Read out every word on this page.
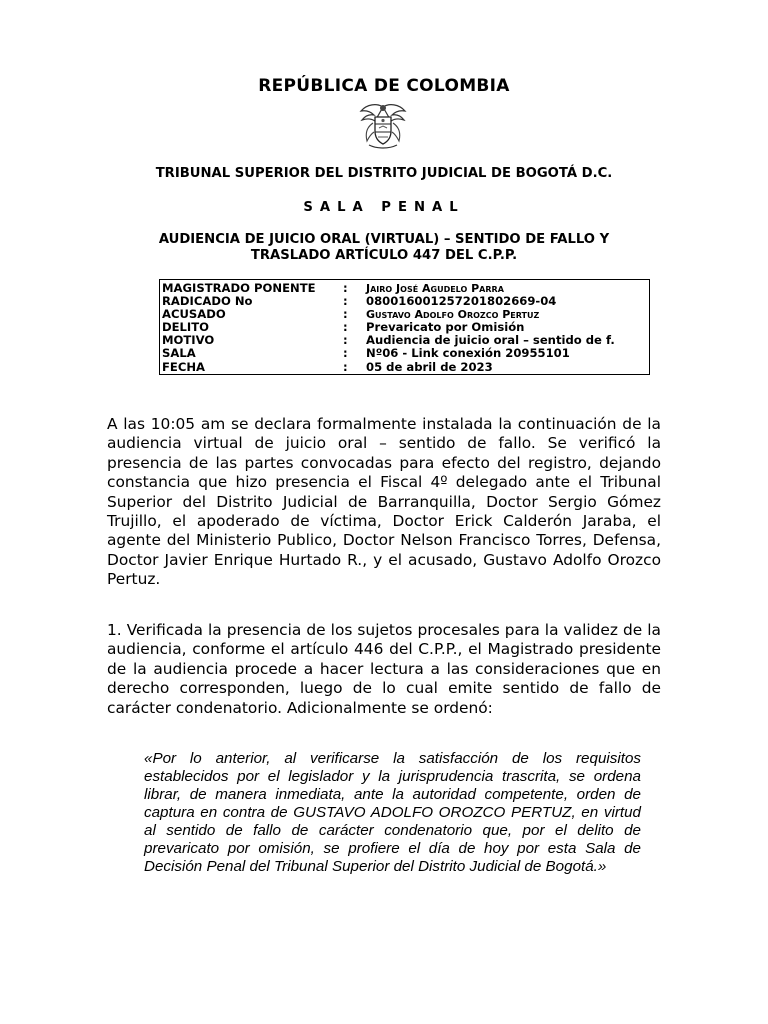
REPÚBLICA DE COLOMBIA
TRIBUNAL SUPERIOR DEL DISTRITO JUDICIAL DE BOGOTÁ D.C.
SALA PENAL
AUDIENCIA DE JUICIO ORAL (VIRTUAL) – SENTIDO DE FALLO Y
TRASLADO ARTÍCULO 447 DEL C.P.P.
MAGISTRADO PONENTE : Jairo José Agudelo Parra
RADICADO No	: 08001600125720180266​9-04
ACUSADO	: Gustavo Adolfo Orozco Pertuz
DELITO	: Prevaricato por Omisión
MOTIVO	: Audiencia de juicio oral – sentido de f.
SALA	: Nº06 - Link conexión 20955101
FECHA	: 05 de abril de 2023
A las 10:05 am se declara formalmente instalada la continuación de la audiencia virtual de juicio oral – sentido de fallo. Se verificó la presencia de las partes convocadas para efecto del registro, dejando constancia que hizo presencia el Fiscal 4º delegado ante el Tribunal Superior del Distrito Judicial de Barranquilla, Doctor Sergio Gómez Trujillo, el apoderado de víctima, Doctor Erick Calderón Jaraba, el agente del Ministerio Publico, Doctor Nelson Francisco Torres, Defensa, Doctor Javier Enrique Hurtado R., y el acusado, Gustavo Adolfo Orozco Pertuz.
1. Verificada la presencia de los sujetos procesales para la validez de la audiencia, conforme el artículo 446 del C.P.P., el Magistrado presidente de la audiencia procede a hacer lectura a las consideraciones que en derecho corresponden, luego de lo cual emite sentido de fallo de carácter condenatorio. Adicionalmente se ordenó:
«Por lo anterior, al verificarse la satisfacción de los requisitos establecidos por el legislador y la jurisprudencia trascrita, se ordena librar, de manera inmediata, ante la autoridad competente, orden de captura en contra de GUSTAVO ADOLFO OROZCO PERTUZ, en virtud al sentido de fallo de carácter condenatorio que, por el delito de prevaricato por omisión, se profiere el día de hoy por esta Sala de Decisión Penal del Tribunal Superior del Distrito Judicial de Bogotá.»
